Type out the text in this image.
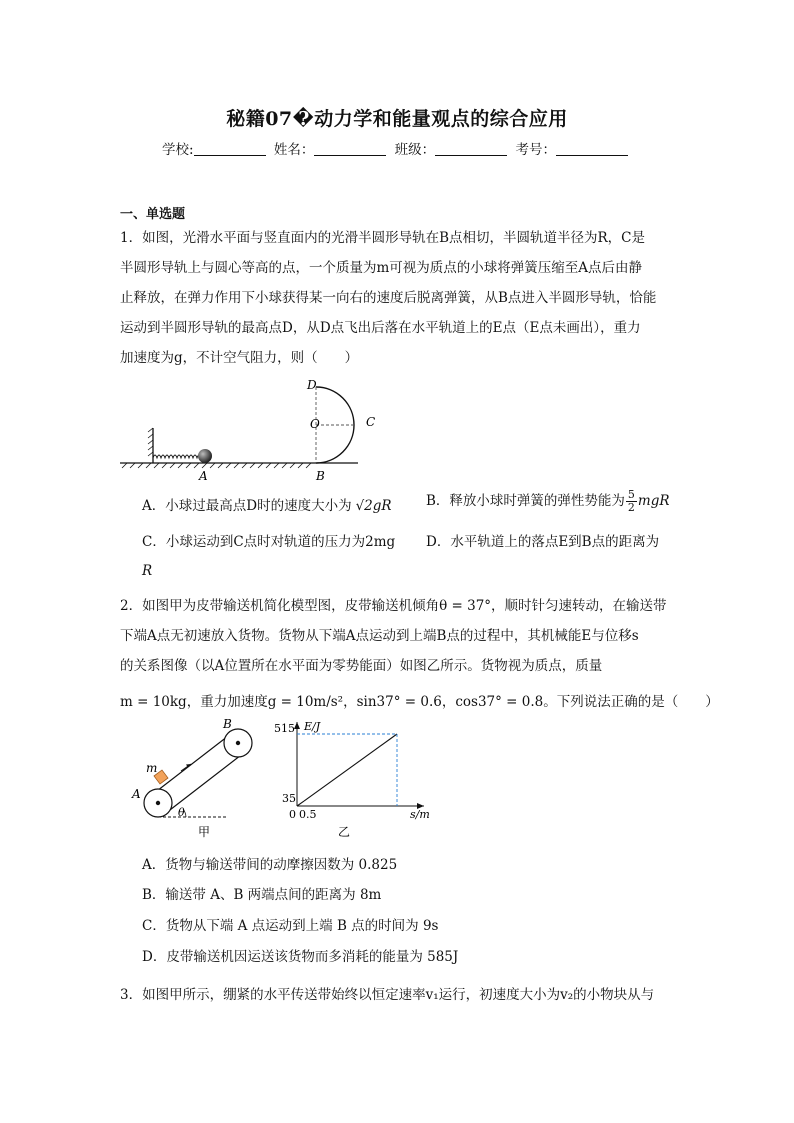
秘籍07�动力学和能量观点的综合应用
学校:	姓名：	班级：	考号：
一、单选题
1．如图，光滑水平面与竖直面内的光滑半圆形导轨在B点相切，半圆轨道半径为R，C是
半圆形导轨上与圆心等高的点，一个质量为m可视为质点的小球将弹簧压缩至A点后由静
止释放，在弹力作用下小球获得某一向右的速度后脱离弹簧，从B点进入半圆形导轨，恰能
运动到半圆形导轨的最高点D，从D点飞出后落在水平轨道上的E点（E点未画出），重力
加速度为g，不计空气阻力，则（　　）
A
D
O	C
B
A．小球过最高点D时的速度大小为 √2gR	B．释放小球时弹簧的弹性势能为 $\frac{5}{2}$ mgR
C．小球运动到C点时对轨道的压力为2mg D．水平轨道上的落点E到B点的距离为
R
2．如图甲为皮带输送机简化模型图，皮带输送机倾角θ = 37°，顺时针匀速转动，在输送带
下端A点无初速放入货物。货物从下端A点运动到上端B点的过程中，其机械能E与位移s
的关系图像（以A位置所在水平面为零势能面）如图乙所示。货物视为质点，质量
m = 10kg，重力加速度g = 10m/s²，sin37° = 0.6，cos37° = 0.8。下列说法正确的是（　　）
B
A
m
θ
甲
E/J
s/m
515
35
0 0.5
乙
A．货物与输送带间的动摩擦因数为 0.825
B．输送带 A、B 两端点间的距离为 8m
C．货物从下端 A 点运动到上端 B 点的时间为 9s
D．皮带输送机因运送该货物而多消耗的能量为 585J
3．如图甲所示，绷紧的水平传送带始终以恒定速率v₁运行，初速度大小为v₂的小物块从与
